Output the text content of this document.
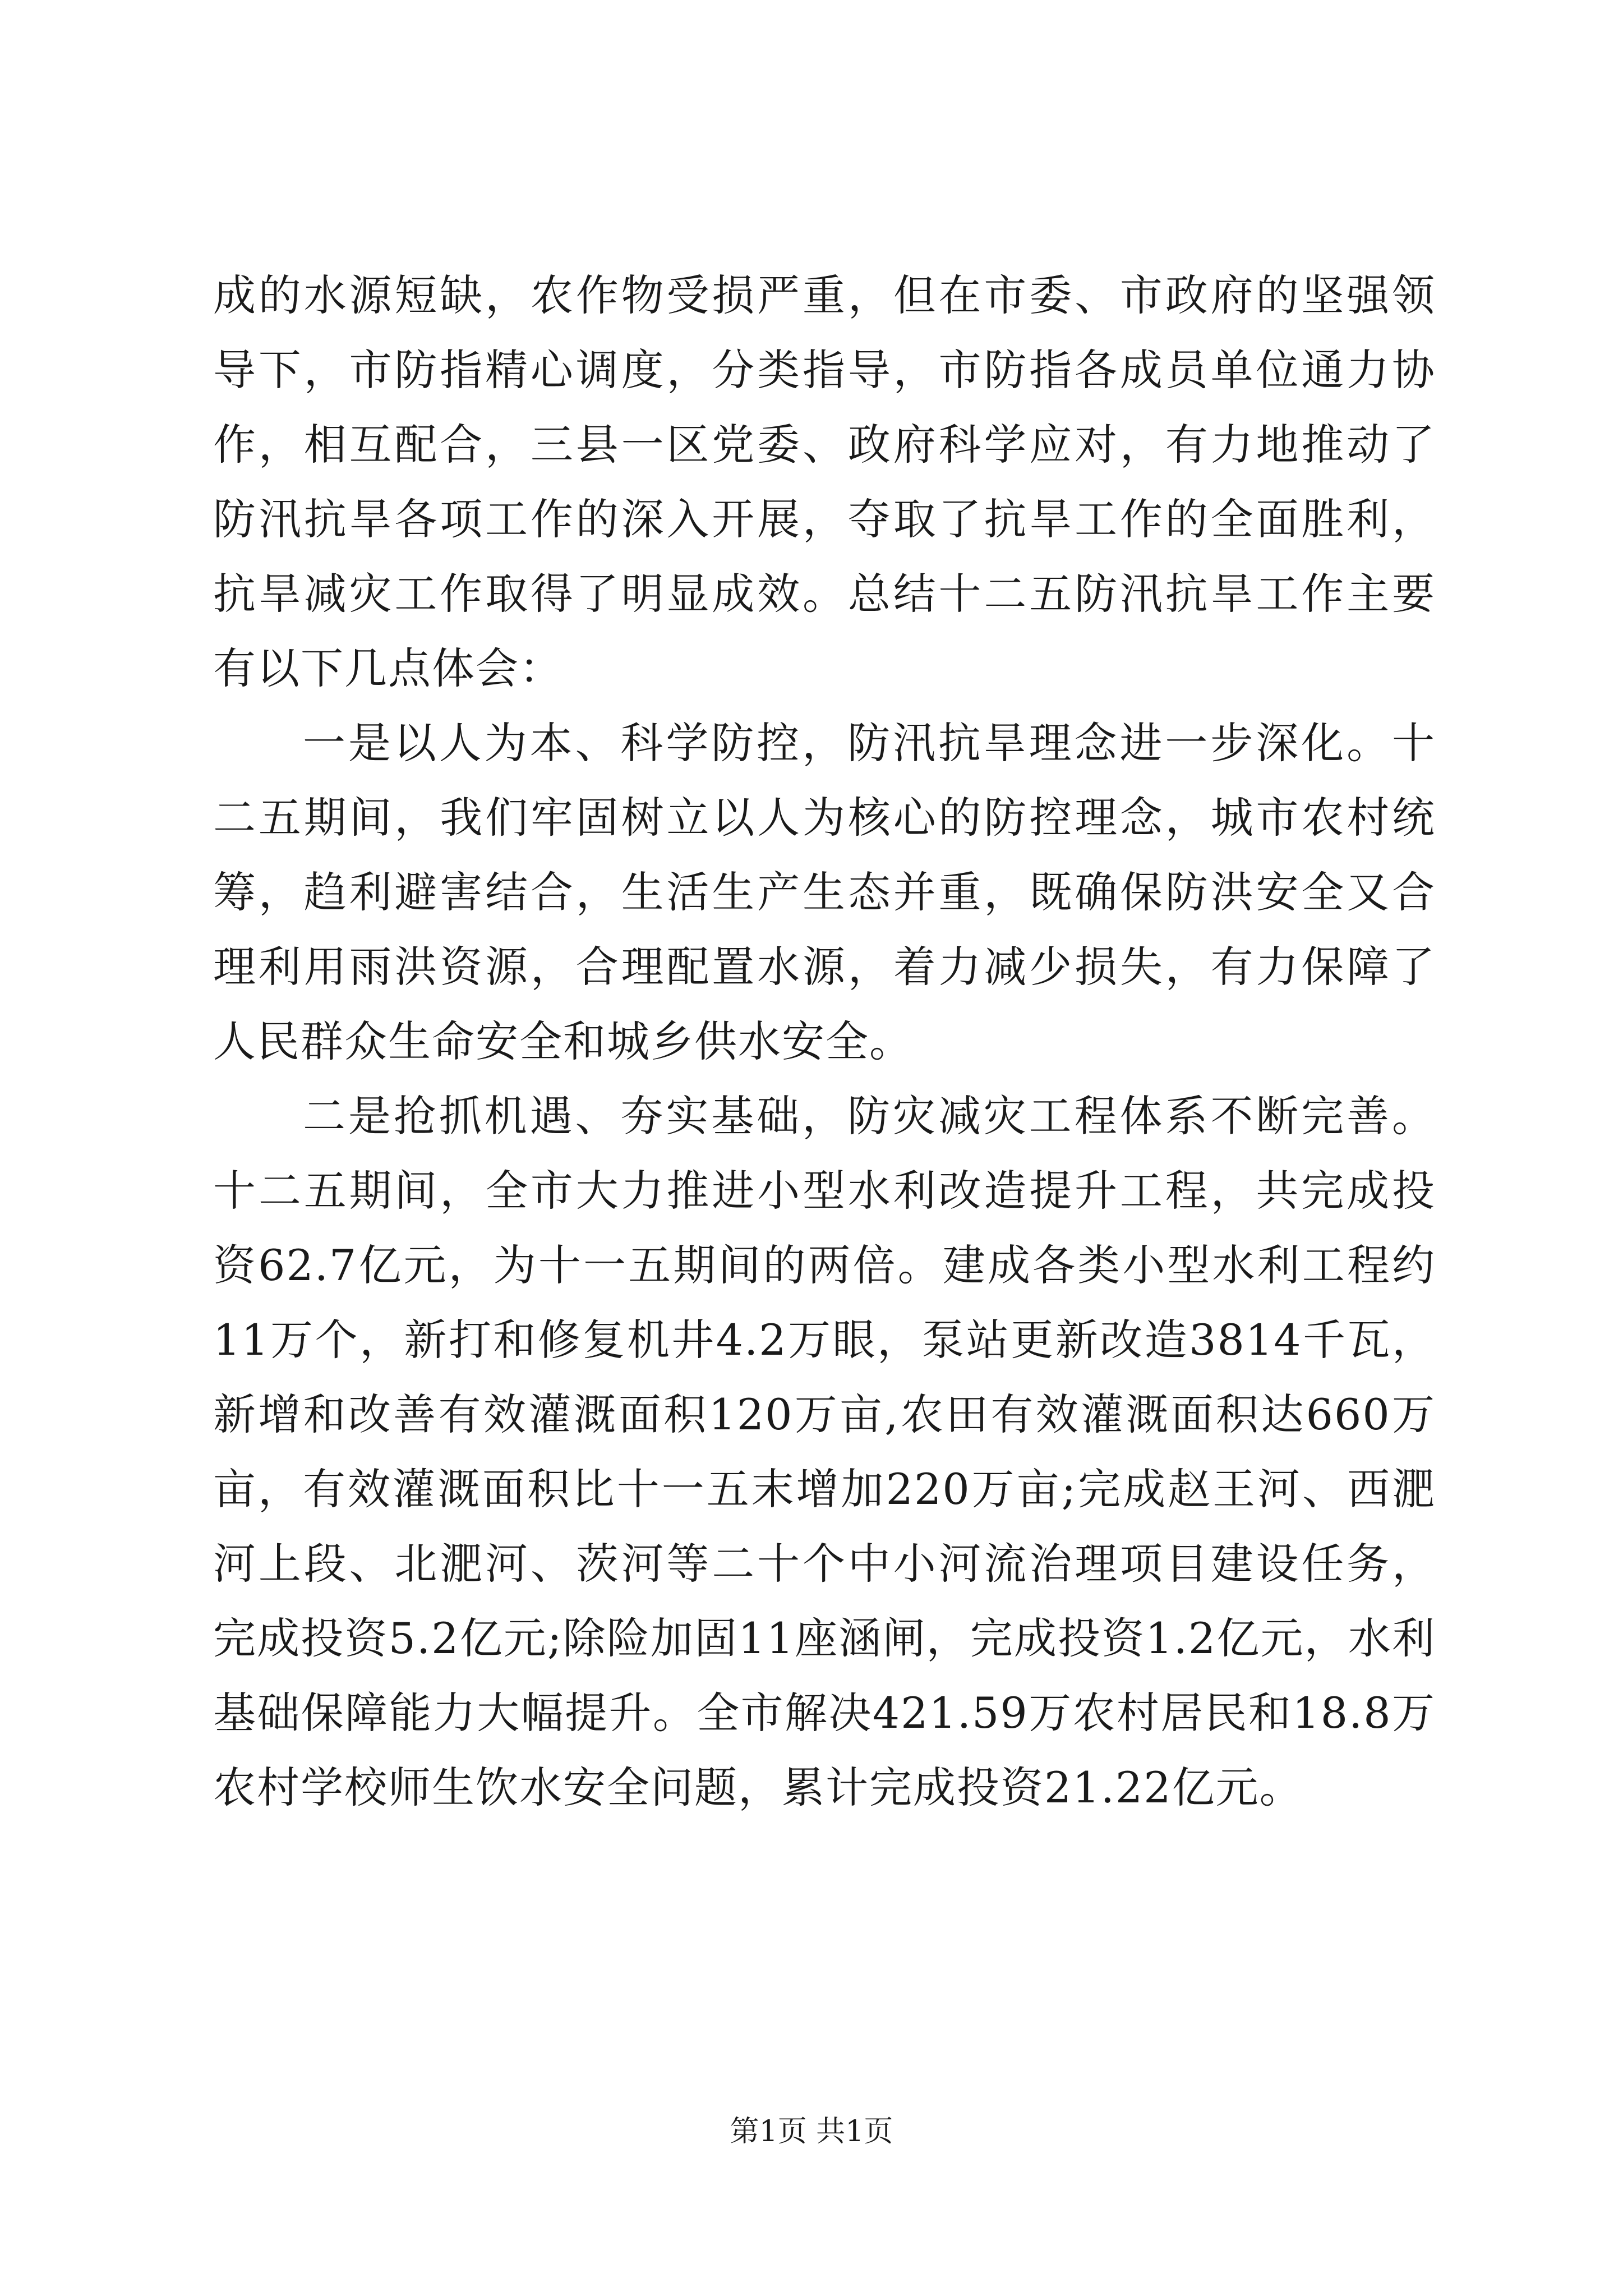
成的水源短缺，农作物受损严重，但在市委、市政府的坚强领导下，市防指精心调度，分类指导，市防指各成员单位通力协作，相互配合，三县一区党委、政府科学应对，有力地推动了防汛抗旱各项工作的深入开展，夺取了抗旱工作的全面胜利，抗旱减灾工作取得了明显成效。总结十二五防汛抗旱工作主要有以下几点体会：

一是以人为本、科学防控，防汛抗旱理念进一步深化。十二五期间，我们牢固树立以人为核心的防控理念，城市农村统筹，趋利避害结合，生活生产生态并重，既确保防洪安全又合理利用雨洪资源，合理配置水源，着力减少损失，有力保障了人民群众生命安全和城乡供水安全。

二是抢抓机遇、夯实基础，防灾减灾工程体系不断完善。十二五期间，全市大力推进小型水利改造提升工程，共完成投资62.7亿元，为十一五期间的两倍。建成各类小型水利工程约11万个，新打和修复机井4.2万眼，泵站更新改造3814千瓦，新增和改善有效灌溉面积120万亩,农田有效灌溉面积达660万亩，有效灌溉面积比十一五末增加220万亩;完成赵王河、西淝河上段、北淝河、茨河等二十个中小河流治理项目建设任务，完成投资5.2亿元;除险加固11座涵闸，完成投资1.2亿元，水利基础保障能力大幅提升。全市解决421.59万农村居民和18.8万农村学校师生饮水安全问题，累计完成投资21.22亿元。

第1页 共1页
